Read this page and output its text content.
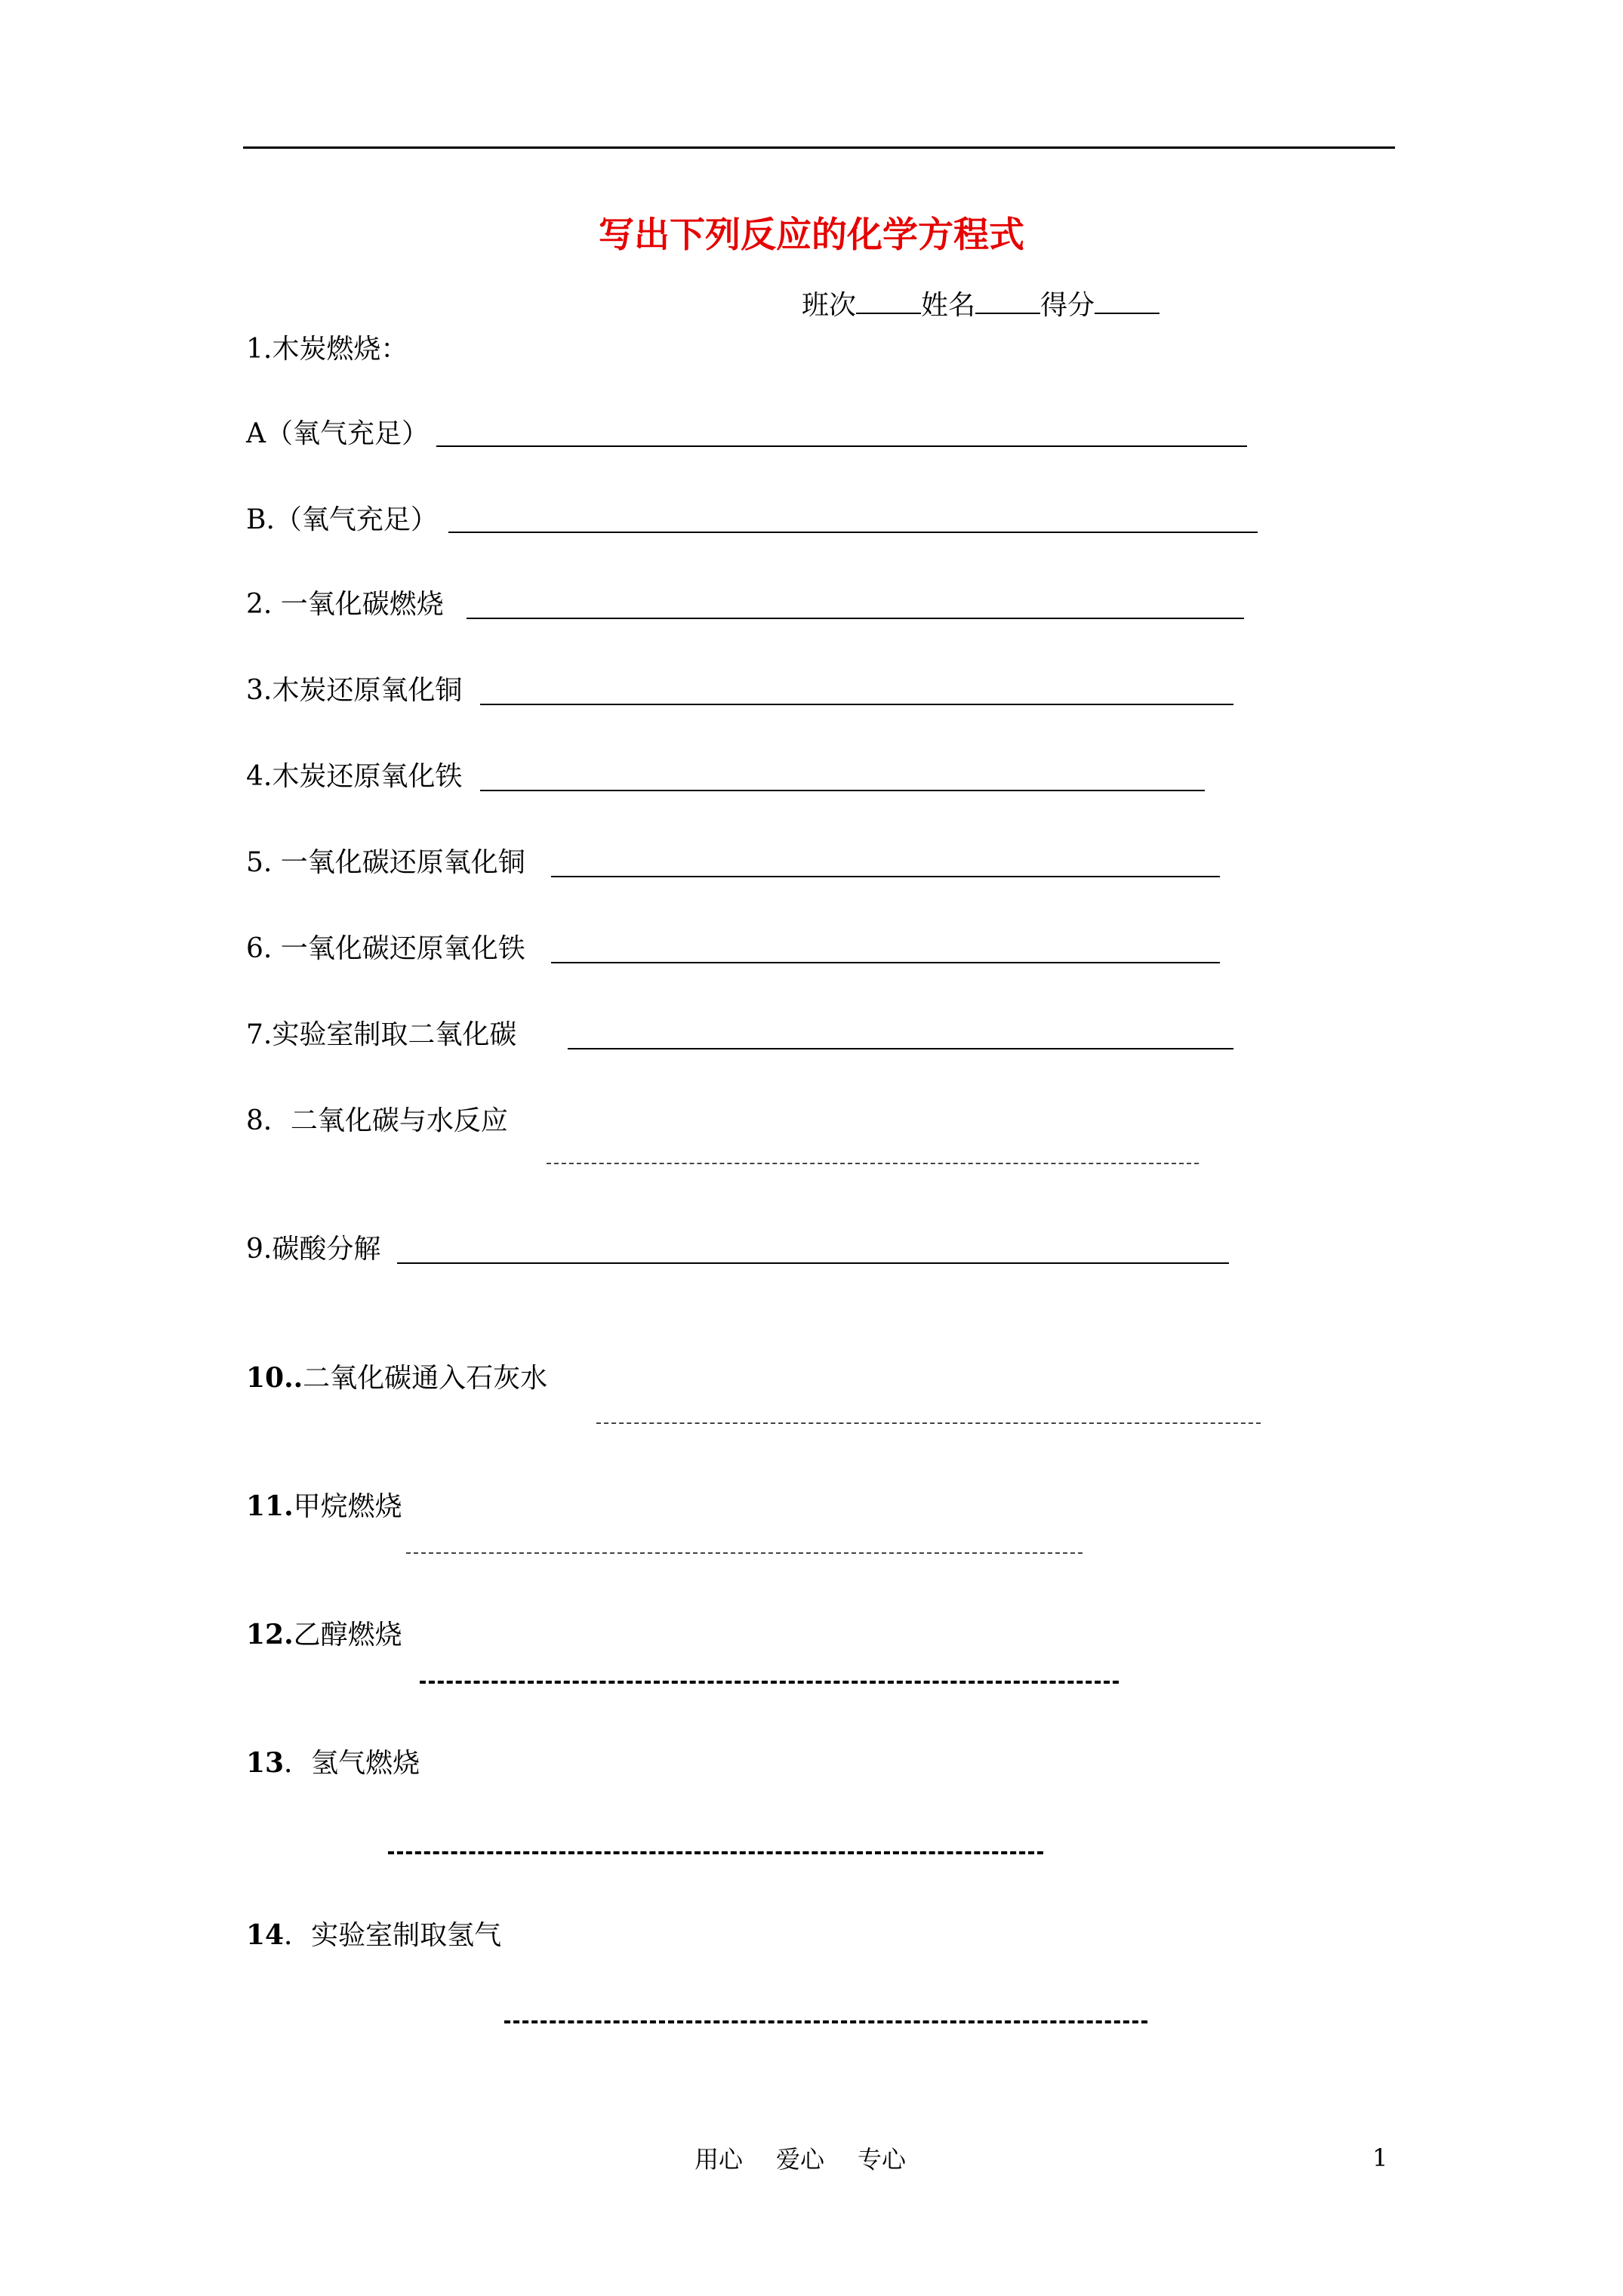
写出下列反应的化学方程式
班次 姓名 得分
1.木炭燃烧：
A（氧气充足）
B.（氧气充足）
2. 一氧化碳燃烧
3.木炭还原氧化铜
4.木炭还原氧化铁
5. 一氧化碳还原氧化铜
6. 一氧化碳还原氧化铁
7.实验室制取二氧化碳
8．二氧化碳与水反应
9.碳酸分解
10..二氧化碳通入石灰水
11.甲烷燃烧
12.乙醇燃烧
13．氢气燃烧
14．实验室制取氢气
用心 爱心 专心	1
